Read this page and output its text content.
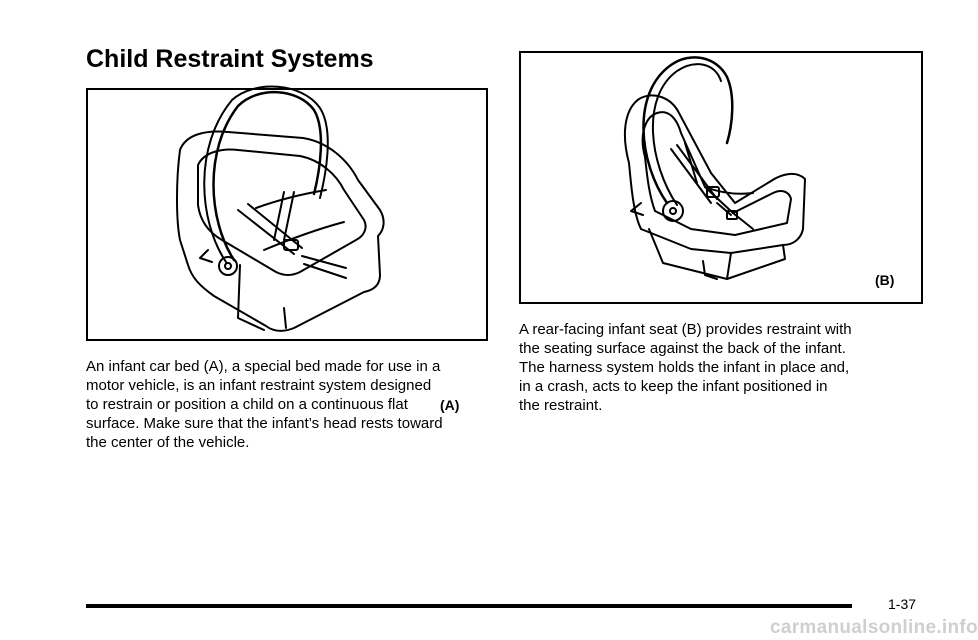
Child Restraint Systems
(A)
(B)
An infant car bed (A), a special bed made for use in a
motor vehicle, is an infant restraint system designed
to restrain or position a child on a continuous flat
surface. Make sure that the infant’s head rests toward
the center of the vehicle.
A rear-facing infant seat (B) provides restraint with
the seating surface against the back of the infant.
The harness system holds the infant in place and,
in a crash, acts to keep the infant positioned in
the restraint.
1-37
carmanualsonline.info
